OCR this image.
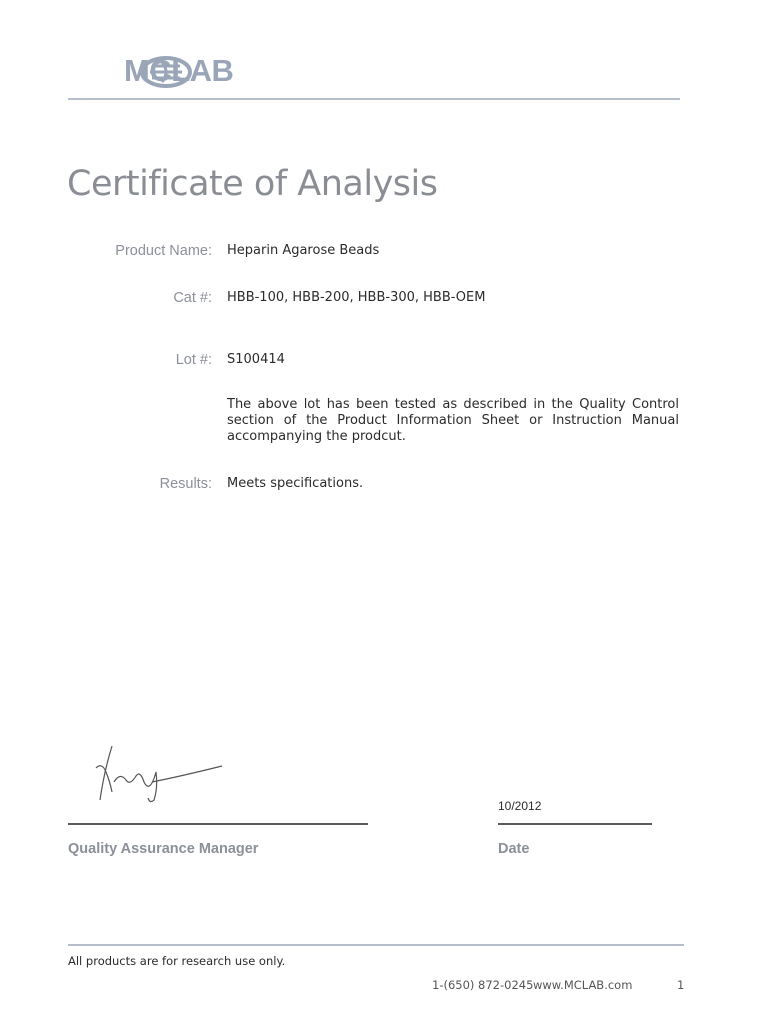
MCLAB
Certificate of Analysis
Product Name: Heparin Agarose Beads
Cat #: HBB-100, HBB-200, HBB-300, HBB-OEM
Lot #: S100414
The above lot has been tested as described in the Quality Control section of the Product Information Sheet or Instruction Manual accompanying the prodcut.
Results: Meets specifications.
10/2012
Quality Assurance Manager	Date
All products are for research use only.
1-(650) 872-0245 www.MCLAB.com	1
